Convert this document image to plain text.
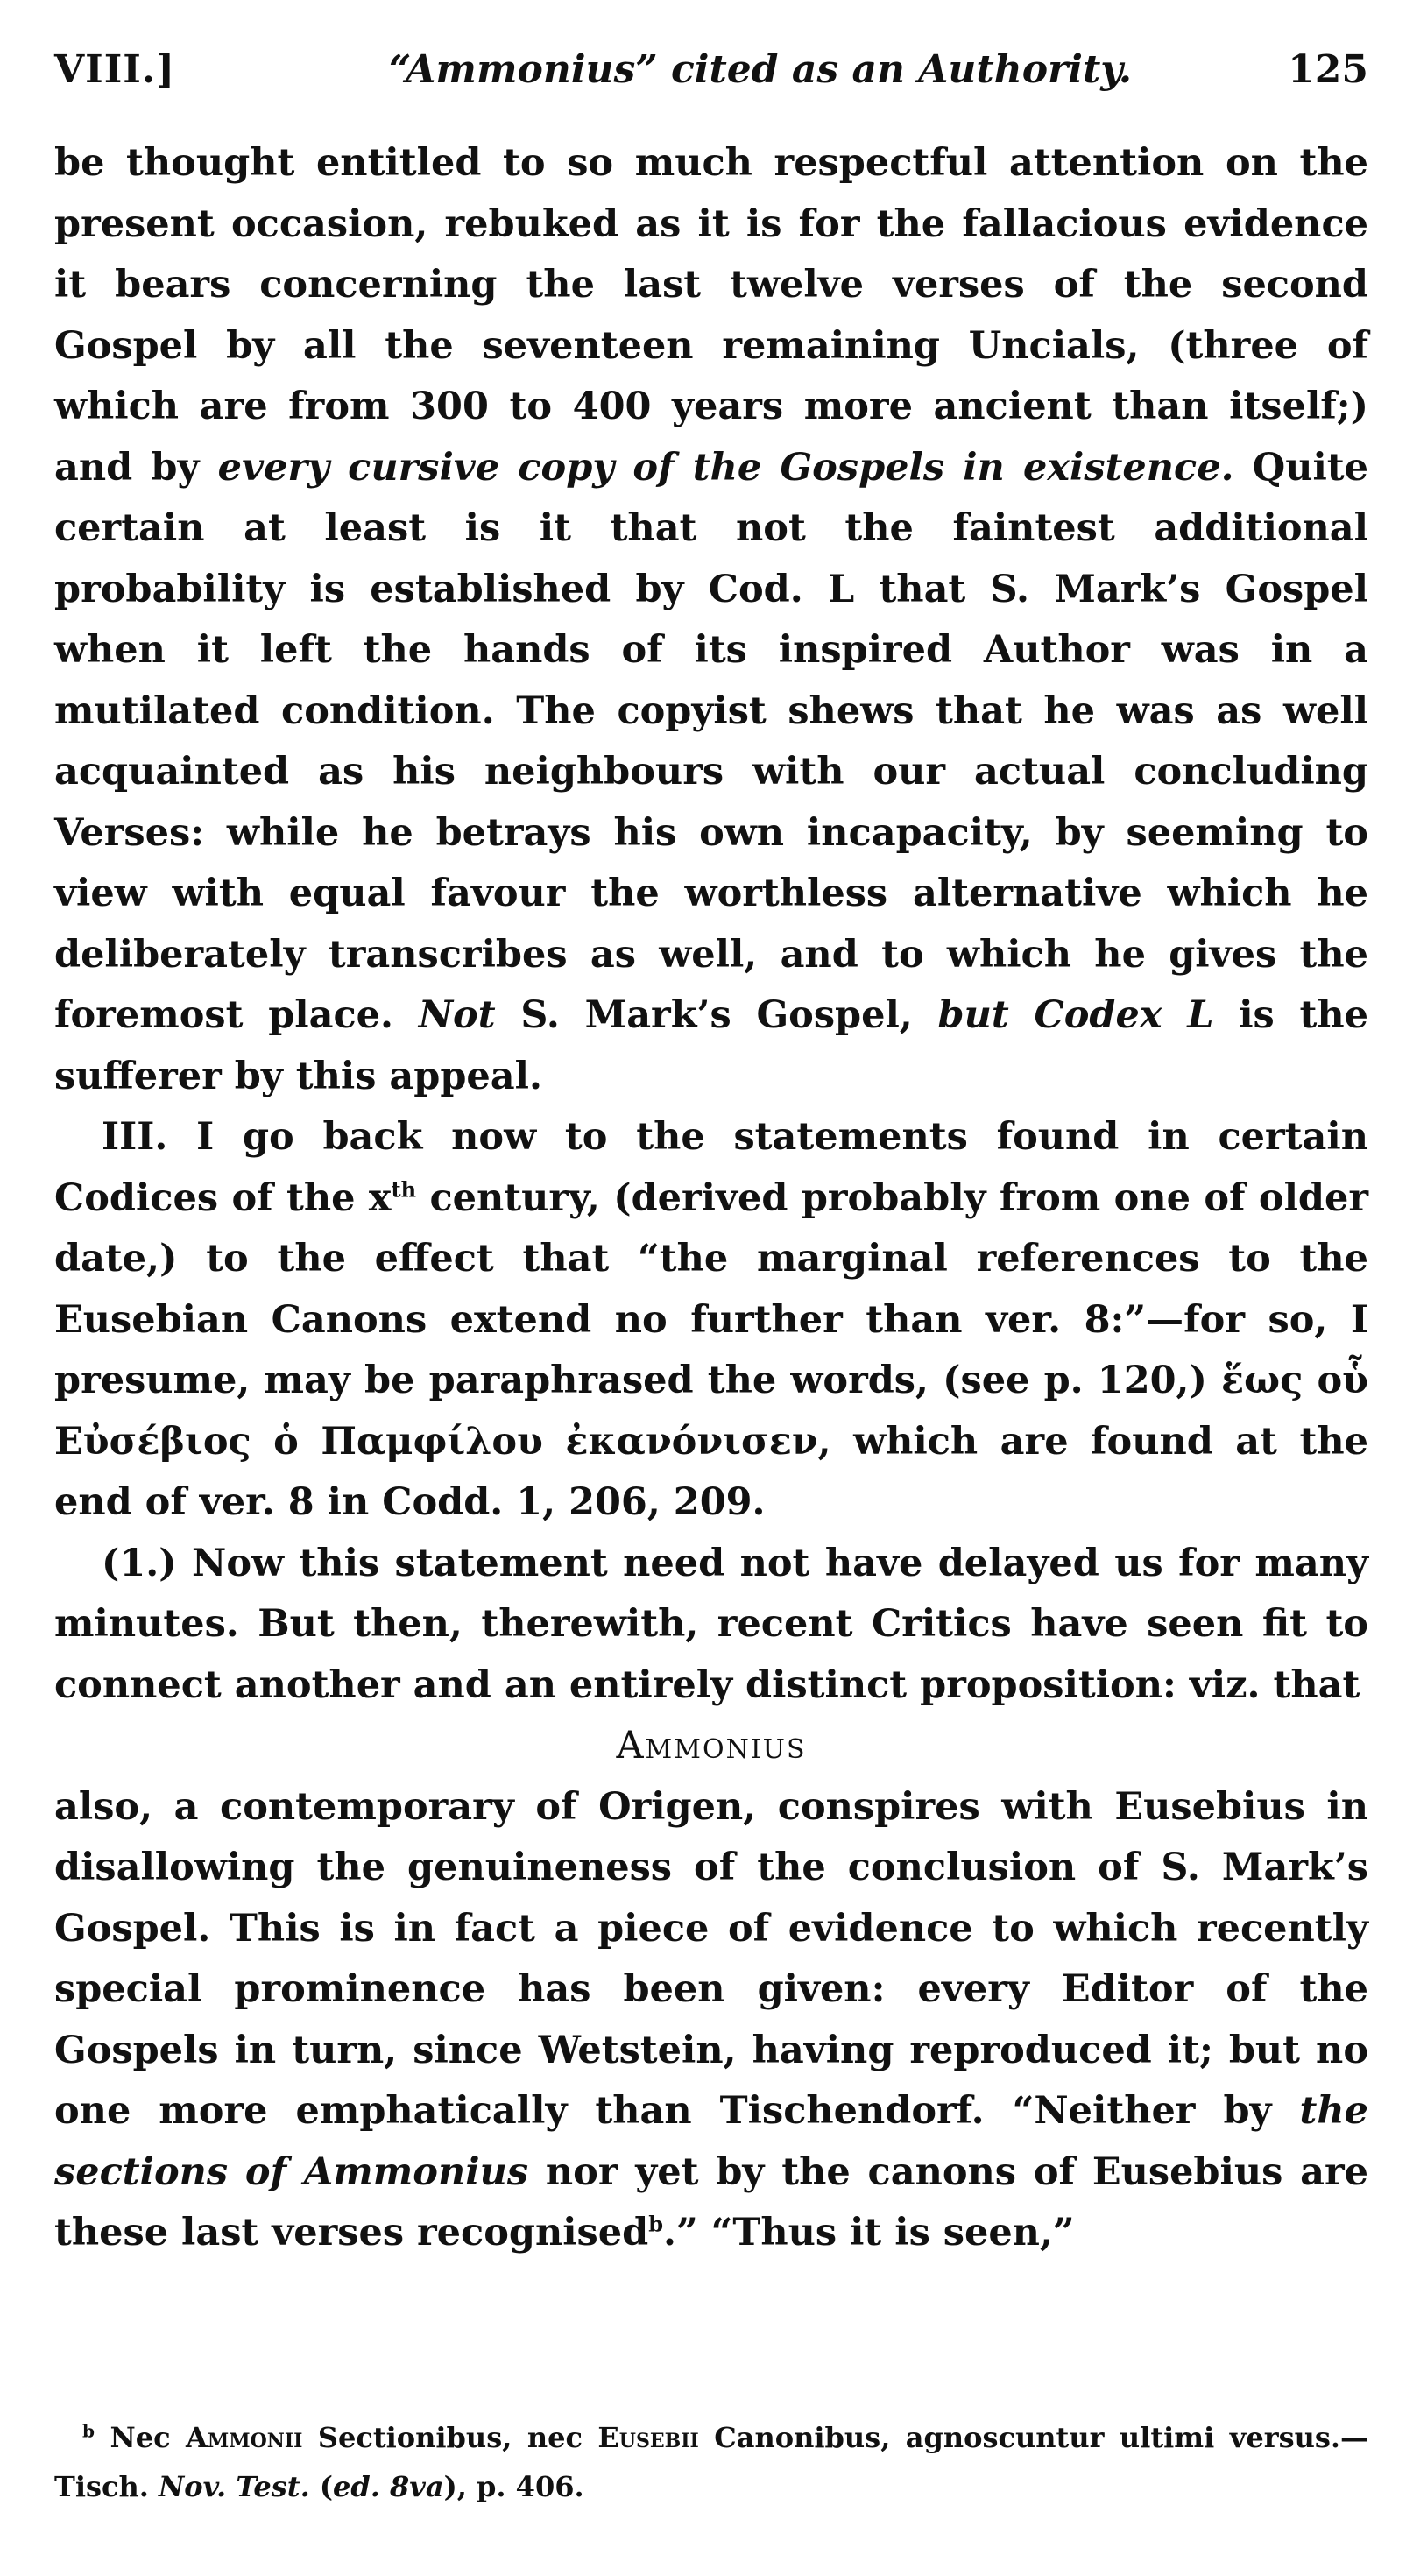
VIII.]	“Ammonius” cited as an Authority.	125

be thought entitled to so much respectful attention on the present occasion, rebuked as it is for the fallacious evidence it bears concerning the last twelve verses of the second Gospel by all the seventeen remaining Uncials, (three of which are from 300 to 400 years more ancient than itself;) and by every cursive copy of the Gospels in existence. Quite certain at least is it that not the faintest additional probability is established by Cod. L that S. Mark’s Gospel when it left the hands of its inspired Author was in a mutilated condition. The copyist shews that he was as well acquainted as his neighbours with our actual concluding Verses: while he betrays his own incapacity, by seeming to view with equal favour the worthless alternative which he deliberately transcribes as well, and to which he gives the foremost place. Not S. Mark’s Gospel, but Codex L is the sufferer by this appeal.

III. I go back now to the statements found in certain Codices of the $x^{th}$ century, (derived probably from one of older date,) to the effect that “the marginal references to the Eusebian Canons extend no further than ver. 8:”—for so, I presume, may be paraphrased the words, (see p. 120,) ἕως οὗ Εὐσέβιος ὁ Παμφίλου ἐκανόνισεν, which are found at the end of ver. 8 in Codd. 1, 206, 209.

(1.) Now this statement need not have delayed us for many minutes. But then, therewith, recent Critics have seen fit to connect another and an entirely distinct proposition: viz. that

Ammonius

also, a contemporary of Origen, conspires with Eusebius in disallowing the genuineness of the conclusion of S. Mark’s Gospel. This is in fact a piece of evidence to which recently special prominence has been given: every Editor of the Gospels in turn, since Wetstein, having reproduced it; but no one more emphatically than Tischendorf. “Neither by the sections of Ammonius nor yet by the canons of Eusebius are these last verses recognised$^b$.” “Thus it is seen,”

$^b$ Nec Ammonii Sectionibus, nec Eusebii Canonibus, agnoscuntur ultimi versus.—Tisch. Nov. Test. (ed. 8va), p. 406.
